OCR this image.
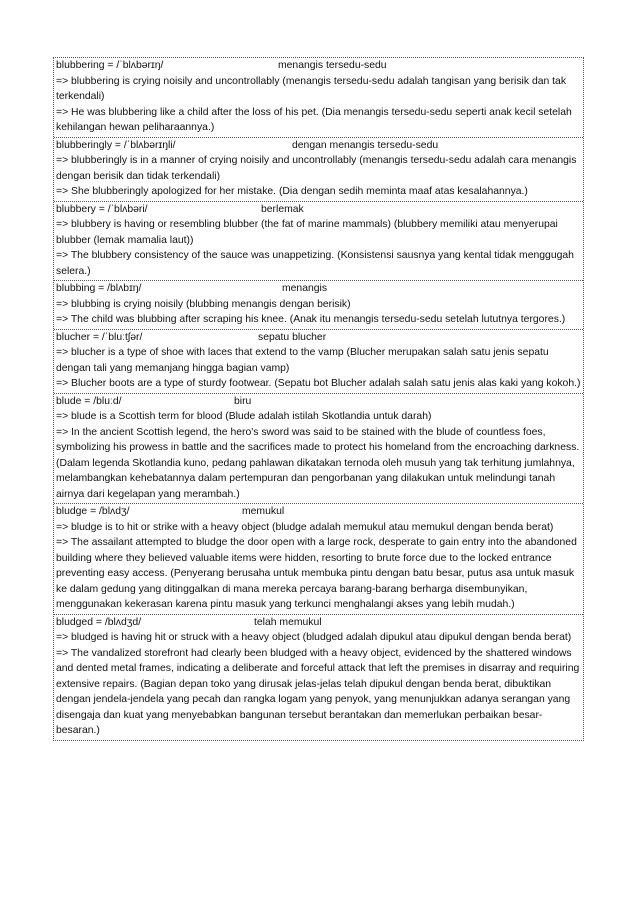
blubbering = /ˈblʌbərɪŋ/	menangis tersedu-sedu
=> blubbering is crying noisily and uncontrollably (menangis tersedu-sedu adalah tangisan yang berisik dan tak terkendali)
=> He was blubbering like a child after the loss of his pet. (Dia menangis tersedu-sedu seperti anak kecil setelah kehilangan hewan peliharaannya.)
blubberingly = /ˈblʌbərɪŋli/	dengan menangis tersedu-sedu
=> blubberingly is in a manner of crying noisily and uncontrollably (menangis tersedu-sedu adalah cara menangis dengan berisik dan tidak terkendali)
=> She blubberingly apologized for her mistake. (Dia dengan sedih meminta maaf atas kesalahannya.)
blubbery = /ˈblʌbəri/	berlemak
=> blubbery is having or resembling blubber (the fat of marine mammals) (blubbery memiliki atau menyerupai blubber (lemak mamalia laut))
=> The blubbery consistency of the sauce was unappetizing. (Konsistensi sausnya yang kental tidak menggugah selera.)
blubbing = /blʌbɪŋ/	menangis
=> blubbing is crying noisily (blubbing menangis dengan berisik)
=> The child was blubbing after scraping his knee. (Anak itu menangis tersedu-sedu setelah lututnya tergores.)
blucher = /ˈbluːtʃər/	sepatu blucher
=> blucher is a type of shoe with laces that extend to the vamp (Blucher merupakan salah satu jenis sepatu dengan tali yang memanjang hingga bagian vamp)
=> Blucher boots are a type of sturdy footwear. (Sepatu bot Blucher adalah salah satu jenis alas kaki yang kokoh.)
blude = /bluːd/	biru
=> blude is a Scottish term for blood (Blude adalah istilah Skotlandia untuk darah)
=> In the ancient Scottish legend, the hero's sword was said to be stained with the blude of countless foes, symbolizing his prowess in battle and the sacrifices made to protect his homeland from the encroaching darkness. (Dalam legenda Skotlandia kuno, pedang pahlawan dikatakan ternoda oleh musuh yang tak terhitung jumlahnya, melambangkan kehebatannya dalam pertempuran dan pengorbanan yang dilakukan untuk melindungi tanah airnya dari kegelapan yang merambah.)
bludge = /blʌdʒ/	memukul
=> bludge is to hit or strike with a heavy object (bludge adalah memukul atau memukul dengan benda berat)
=> The assailant attempted to bludge the door open with a large rock, desperate to gain entry into the abandoned building where they believed valuable items were hidden, resorting to brute force due to the locked entrance preventing easy access. (Penyerang berusaha untuk membuka pintu dengan batu besar, putus asa untuk masuk ke dalam gedung yang ditinggalkan di mana mereka percaya barang-barang berharga disembunyikan, menggunakan kekerasan karena pintu masuk yang terkunci menghalangi akses yang lebih mudah.)
bludged = /blʌdʒd/	telah memukul
=> bludged is having hit or struck with a heavy object (bludged adalah dipukul atau dipukul dengan benda berat)
=> The vandalized storefront had clearly been bludged with a heavy object, evidenced by the shattered windows and dented metal frames, indicating a deliberate and forceful attack that left the premises in disarray and requiring extensive repairs. (Bagian depan toko yang dirusak jelas-jelas telah dipukul dengan benda berat, dibuktikan dengan jendela-jendela yang pecah dan rangka logam yang penyok, yang menunjukkan adanya serangan yang disengaja dan kuat yang menyebabkan bangunan tersebut berantakan dan memerlukan perbaikan besar-besaran.)
